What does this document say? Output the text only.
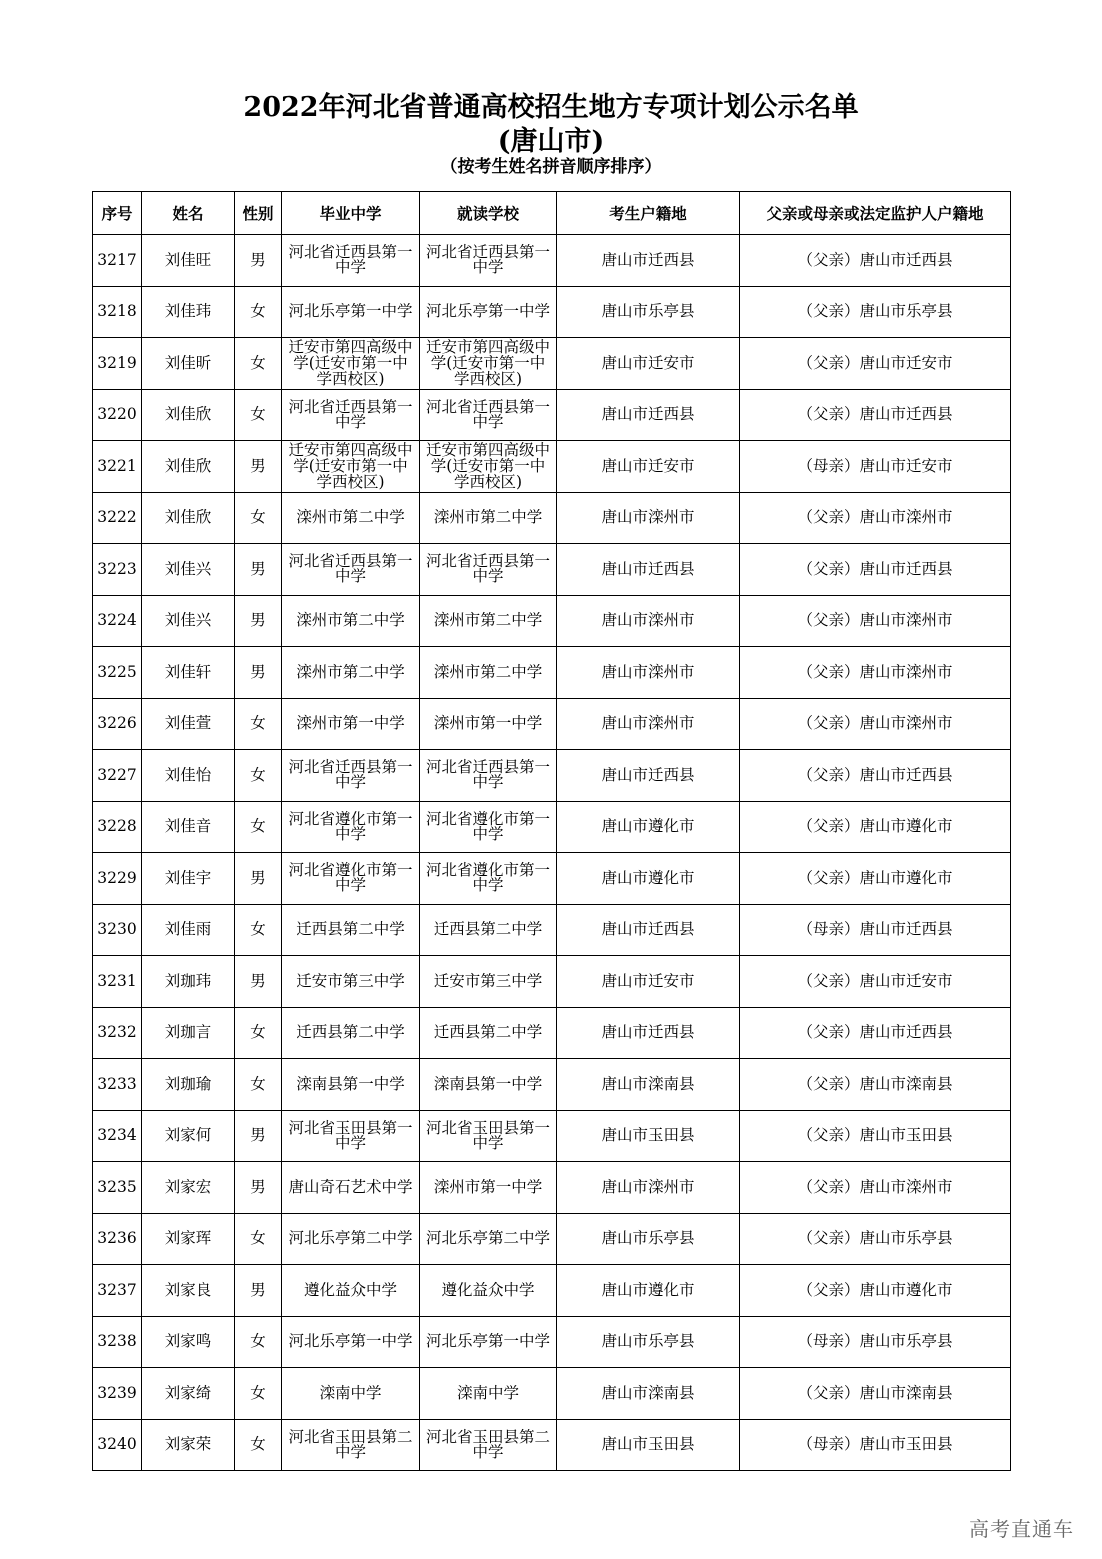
2022年河北省普通高校招生地方专项计划公示名单
(唐山市)
（按考生姓名拼音顺序排序）
序号	姓名	性别	毕业中学	就读学校	考生户籍地	父亲或母亲或法定监护人户籍地
3217	刘佳旺	男	河北省迁西县第一中学	河北省迁西县第一中学	唐山市迁西县	（父亲）唐山市迁西县
3218	刘佳玮	女	河北乐亭第一中学	河北乐亭第一中学	唐山市乐亭县	（父亲）唐山市乐亭县
3219	刘佳昕	女	迁安市第四高级中学(迁安市第一中学西校区)	迁安市第四高级中学(迁安市第一中学西校区)	唐山市迁安市	（父亲）唐山市迁安市
3220	刘佳欣	女	河北省迁西县第一中学	河北省迁西县第一中学	唐山市迁西县	（父亲）唐山市迁西县
3221	刘佳欣	男	迁安市第四高级中学(迁安市第一中学西校区)	迁安市第四高级中学(迁安市第一中学西校区)	唐山市迁安市	（母亲）唐山市迁安市
3222	刘佳欣	女	滦州市第二中学	滦州市第二中学	唐山市滦州市	（父亲）唐山市滦州市
3223	刘佳兴	男	河北省迁西县第一中学	河北省迁西县第一中学	唐山市迁西县	（父亲）唐山市迁西县
3224	刘佳兴	男	滦州市第二中学	滦州市第二中学	唐山市滦州市	（父亲）唐山市滦州市
3225	刘佳轩	男	滦州市第二中学	滦州市第二中学	唐山市滦州市	（父亲）唐山市滦州市
3226	刘佳萱	女	滦州市第一中学	滦州市第一中学	唐山市滦州市	（父亲）唐山市滦州市
3227	刘佳怡	女	河北省迁西县第一中学	河北省迁西县第一中学	唐山市迁西县	（父亲）唐山市迁西县
3228	刘佳音	女	河北省遵化市第一中学	河北省遵化市第一中学	唐山市遵化市	（父亲）唐山市遵化市
3229	刘佳宇	男	河北省遵化市第一中学	河北省遵化市第一中学	唐山市遵化市	（父亲）唐山市遵化市
3230	刘佳雨	女	迁西县第二中学	迁西县第二中学	唐山市迁西县	（母亲）唐山市迁西县
3231	刘珈玮	男	迁安市第三中学	迁安市第三中学	唐山市迁安市	（父亲）唐山市迁安市
3232	刘珈言	女	迁西县第二中学	迁西县第二中学	唐山市迁西县	（父亲）唐山市迁西县
3233	刘珈瑜	女	滦南县第一中学	滦南县第一中学	唐山市滦南县	（父亲）唐山市滦南县
3234	刘家何	男	河北省玉田县第一中学	河北省玉田县第一中学	唐山市玉田县	（父亲）唐山市玉田县
3235	刘家宏	男	唐山奇石艺术中学	滦州市第一中学	唐山市滦州市	（父亲）唐山市滦州市
3236	刘家珲	女	河北乐亭第二中学	河北乐亭第二中学	唐山市乐亭县	（父亲）唐山市乐亭县
3237	刘家良	男	遵化益众中学	遵化益众中学	唐山市遵化市	（父亲）唐山市遵化市
3238	刘家鸣	女	河北乐亭第一中学	河北乐亭第一中学	唐山市乐亭县	（母亲）唐山市乐亭县
3239	刘家绮	女	滦南中学	滦南中学	唐山市滦南县	（父亲）唐山市滦南县
3240	刘家荣	女	河北省玉田县第二中学	河北省玉田县第二中学	唐山市玉田县	（母亲）唐山市玉田县
高考直通车
